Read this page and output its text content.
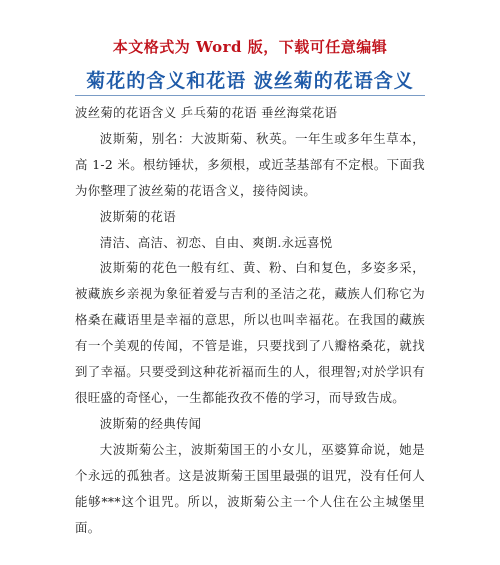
本文格式为 Word 版，下载可任意编辑
菊花的含义和花语 波丝菊的花语含义

波丝菊的花语含义 乒乓菊的花语 垂丝海棠花语

波斯菊，别名：大波斯菊、秋英。一年生或多年生草本，高 1-2 米。根纺锤状，多须根，或近茎基部有不定根。下面我为你整理了波丝菊的花语含义，接待阅读。

波斯菊的花语

清洁、高洁、初恋、自由、爽朗.永远喜悦

波斯菊的花色一般有红、黄、粉、白和复色，多姿多采，被藏族乡亲视为象征着爱与吉利的圣洁之花，藏族人们称它为格桑在藏语里是幸福的意思，所以也叫幸福花。在我国的藏族有一个美观的传闻，不管是谁，只要找到了八瓣格桑花，就找到了幸福。只要受到这种花祈福而生的人，很理智;对於学识有很旺盛的奇怪心，一生都能孜孜不倦的学习，而导致告成。

波斯菊的经典传闻

大波斯菊公主，波斯菊国王的小女儿，巫婆算命说，她是个永远的孤独者。这是波斯菊王国里最强的诅咒，没有任何人能够***这个诅咒。所以，波斯菊公主一个人住在公主城堡里面。
